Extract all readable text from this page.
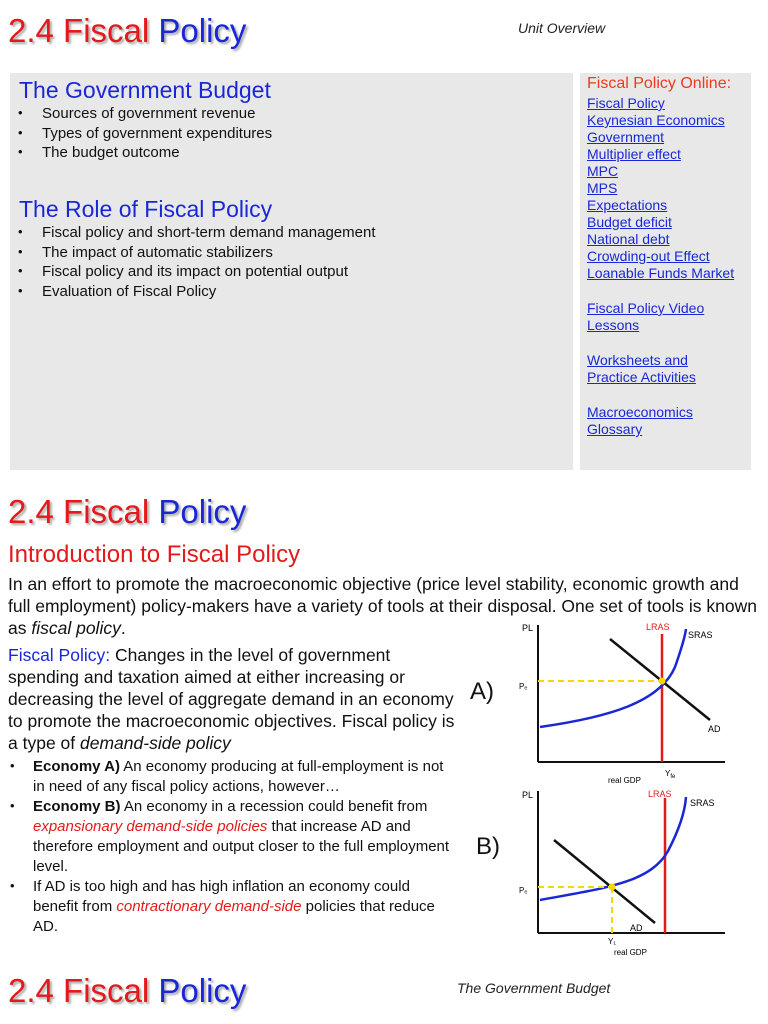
2.4 Fiscal Policy	Unit Overview
The Government Budget
• Sources of government revenue
• Types of government expenditures
• The budget outcome
The Role of Fiscal Policy
• Fiscal policy and short-term demand management
• The impact of automatic stabilizers
• Fiscal policy and its impact on potential output
• Evaluation of Fiscal Policy
Fiscal Policy Online:
Fiscal Policy
Keynesian Economics
Government
Multiplier effect
MPC
MPS
Expectations
Budget deficit
National debt
Crowding-out Effect
Loanable Funds Market
Fiscal Policy Video
Lessons
Worksheets and
Practice Activities
Macroeconomics
Glossary
2.4 Fiscal Policy
Introduction to Fiscal Policy
In an effort to promote the macroeconomic objective (price level stability, economic growth and full employment) policy-makers have a variety of tools at their disposal. One set of tools is known as fiscal policy.
Fiscal Policy: Changes in the level of government spending and taxation aimed at either increasing or decreasing the level of aggregate demand in an economy to promote the macroeconomic objectives. Fiscal policy is a type of demand-side policy
• Economy A) An economy producing at full-employment is not in need of any fiscal policy actions, however…
• Economy B) An economy in a recession could benefit from expansionary demand-side policies that increase AD and therefore employment and output closer to the full employment level.
• If AD is too high and has high inflation an economy could benefit from contractionary demand-side policies that reduce AD.
A)
PL	LRAS
SRAS
AD
Pₑ
real GDP
$Y_{fe}$
B)
PL	LRAS
SRAS
AD
Pₑ
Y₁
real GDP
2.4 Fiscal Policy	The Government Budget
